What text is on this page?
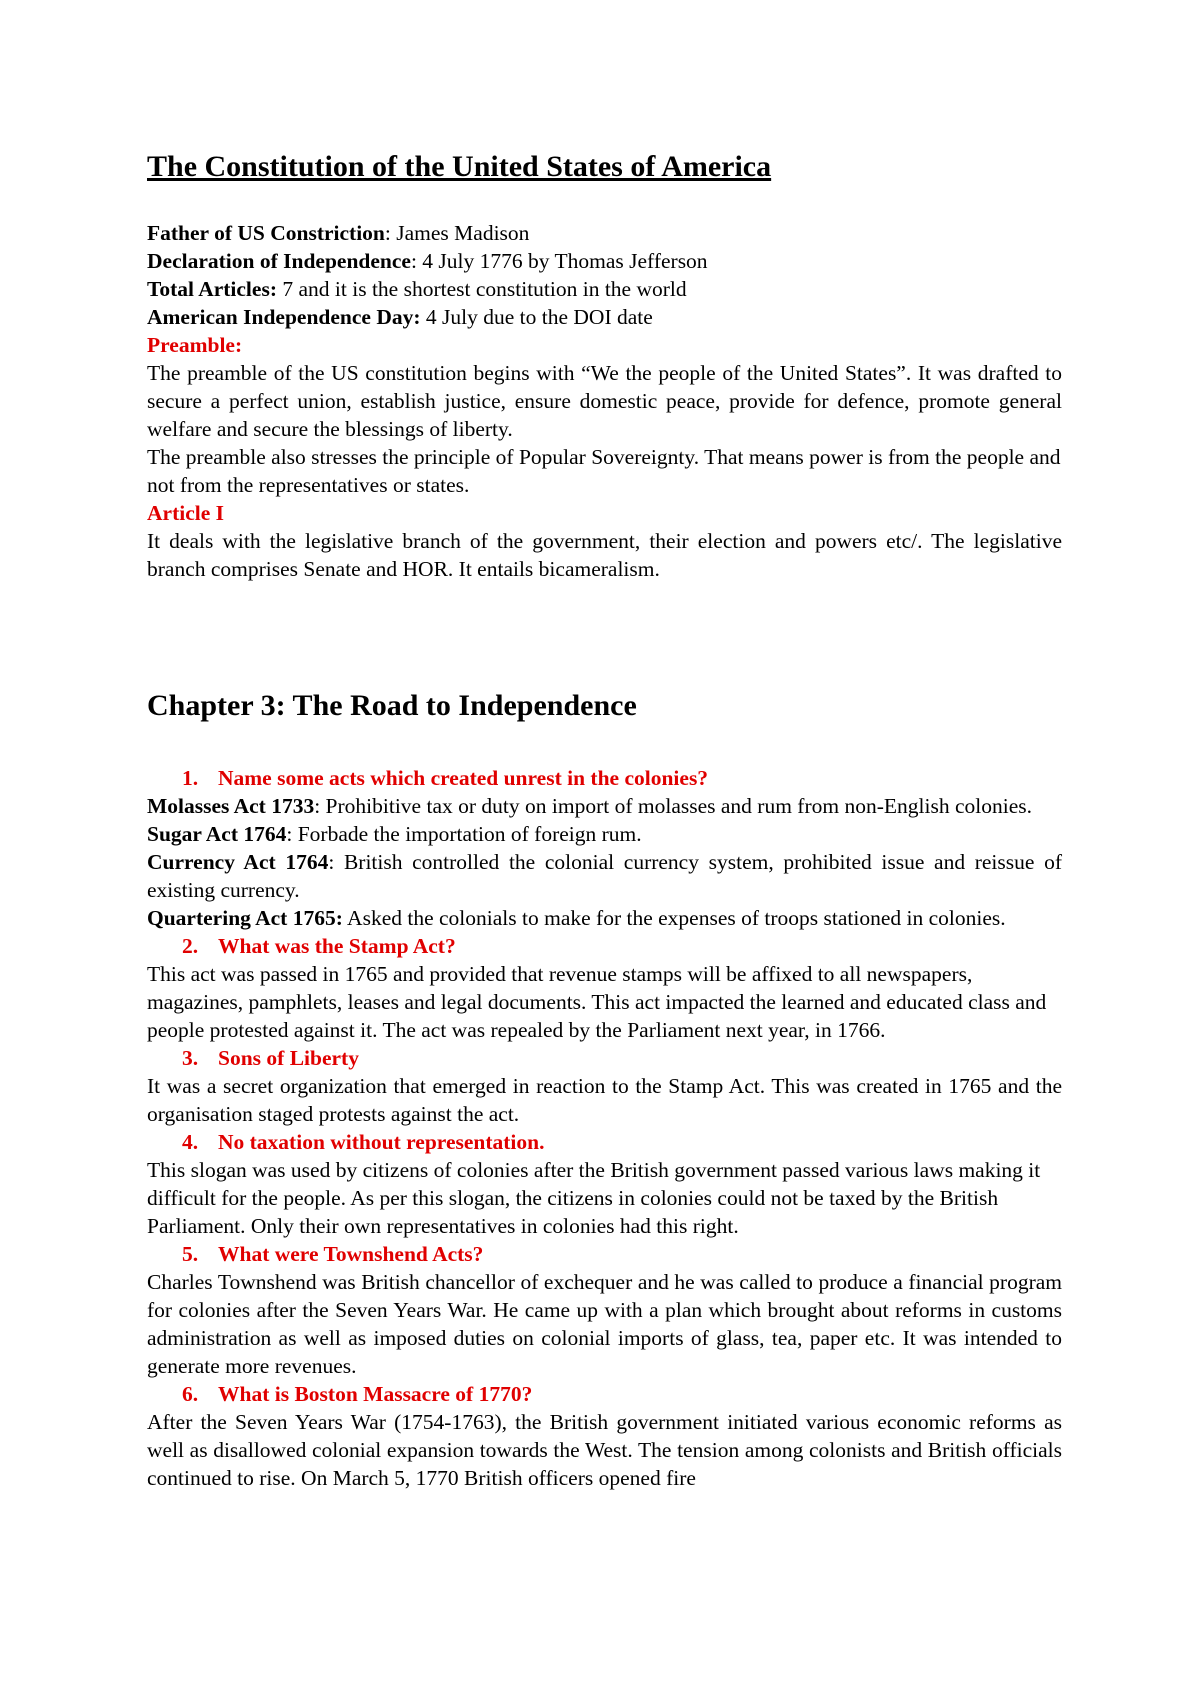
The Constitution of the United States of America
Father of US Constriction: James Madison
Declaration of Independence: 4 July 1776 by Thomas Jefferson
Total Articles: 7 and it is the shortest constitution in the world
American Independence Day: 4 July due to the DOI date
Preamble:

The preamble of the US constitution begins with “We the people of the United States”. It was drafted to secure a perfect union, establish justice, ensure domestic peace, provide for defence, promote general welfare and secure the blessings of liberty.

The preamble also stresses the principle of Popular Sovereignty. That means power is from the people and not from the representatives or states.

Article I

It deals with the legislative branch of the government, their election and powers etc/. The legislative branch comprises Senate and HOR. It entails bicameralism.

Chapter 3: The Road to Independence
1. Name some acts which created unrest in the colonies?

Molasses Act 1733: Prohibitive tax or duty on import of molasses and rum from non-English colonies.

Sugar Act 1764: Forbade the importation of foreign rum.

Currency Act 1764: British controlled the colonial currency system, prohibited issue and reissue of existing currency.

Quartering Act 1765: Asked the colonials to make for the expenses of troops stationed in colonies.

2. What was the Stamp Act?

This act was passed in 1765 and provided that revenue stamps will be affixed to all newspapers, magazines, pamphlets, leases and legal documents. This act impacted the learned and educated class and people protested against it. The act was repealed by the Parliament next year, in 1766.

3. Sons of Liberty

It was a secret organization that emerged in reaction to the Stamp Act. This was created in 1765 and the organisation staged protests against the act.

4. No taxation without representation.

This slogan was used by citizens of colonies after the British government passed various laws making it difficult for the people. As per this slogan, the citizens in colonies could not be taxed by the British Parliament. Only their own representatives in colonies had this right.

5. What were Townshend Acts?

Charles Townshend was British chancellor of exchequer and he was called to produce a financial program for colonies after the Seven Years War. He came up with a plan which brought about reforms in customs administration as well as imposed duties on colonial imports of glass, tea, paper etc. It was intended to generate more revenues.

6. What is Boston Massacre of 1770?

After the Seven Years War (1754-1763), the British government initiated various economic reforms as well as disallowed colonial expansion towards the West. The tension among colonists and British officials continued to rise. On March 5, 1770 British officers opened fire
